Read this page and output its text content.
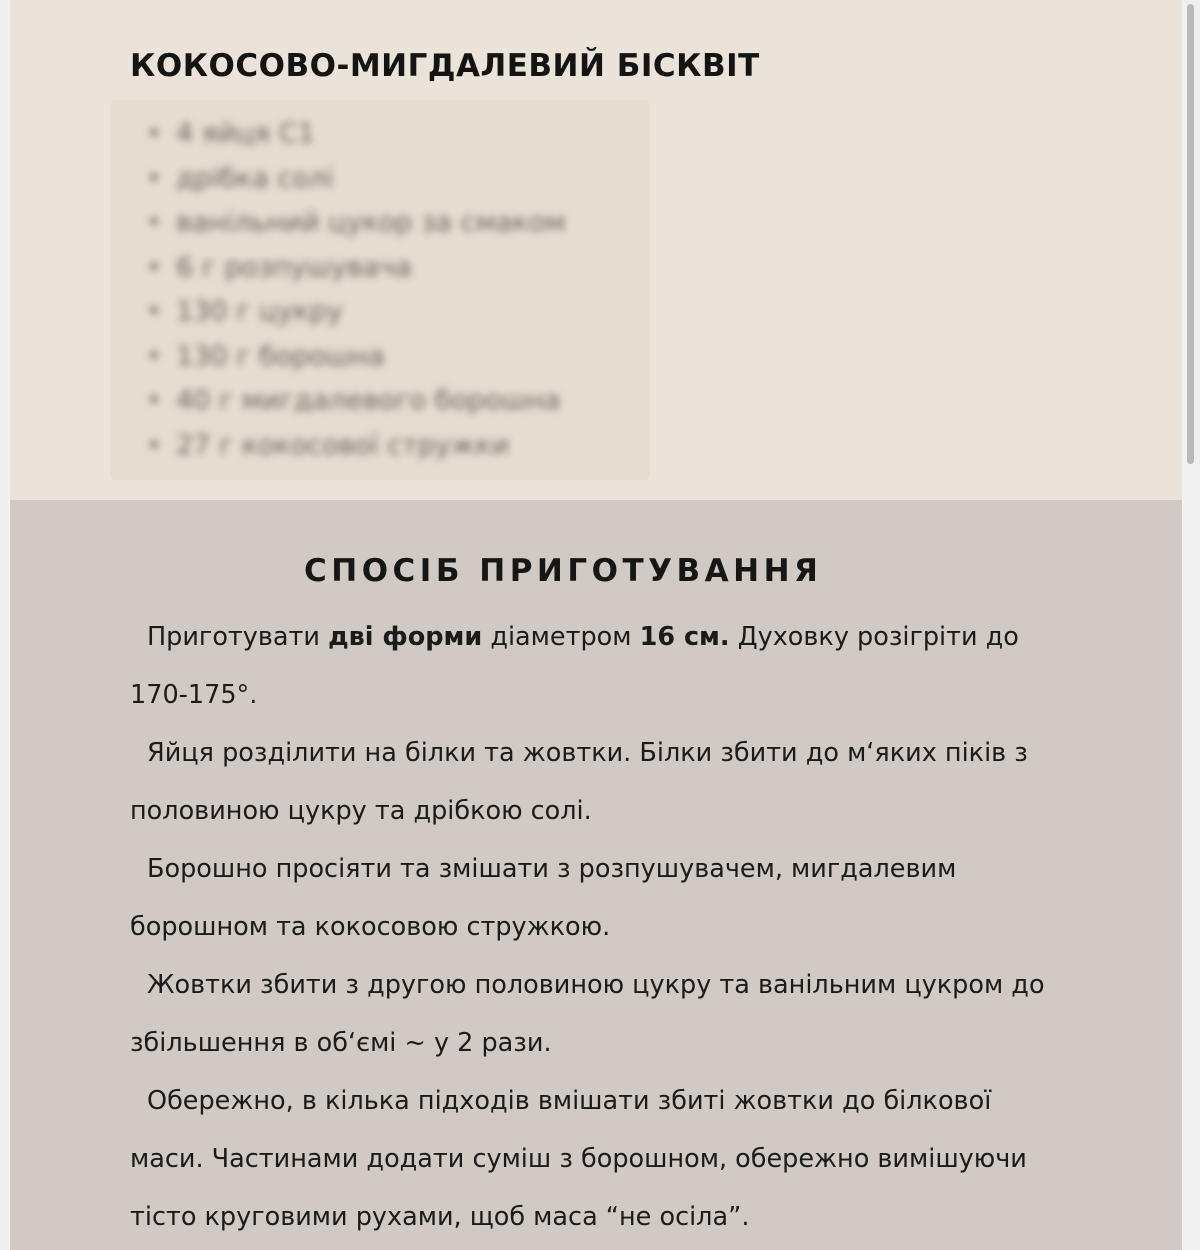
КОКОСОВО-МИГДАЛЕВИЙ БІСКВІТ
• 4 яйця С1
• дрібка солі
• ванільний цукор за смаком
• 6 г розпушувача
• 130 г цукру
• 130 г борошна
• 40 г мигдалевого борошна
• 27 г кокосової стружки
СПОСІБ ПРИГОТУВАННЯ

Приготувати дві форми діаметром 16 см. Духовку розігріти до 170-175°.

Яйця розділити на білки та жовтки. Білки збити до м‘яких піків з половиною цукру та дрібкою солі.

Борошно просіяти та змішати з розпушувачем, мигдалевим борошном та кокосовою стружкою.

Жовтки збити з другою половиною цукру та ванільним цукром до збільшення в об‘ємі ~ у 2 рази.

Обережно, в кілька підходів вмішати збиті жовтки до білкової маси. Частинами додати суміш з борошном, обережно вимішуючи тісто круговими рухами, щоб маса “не осіла”.
